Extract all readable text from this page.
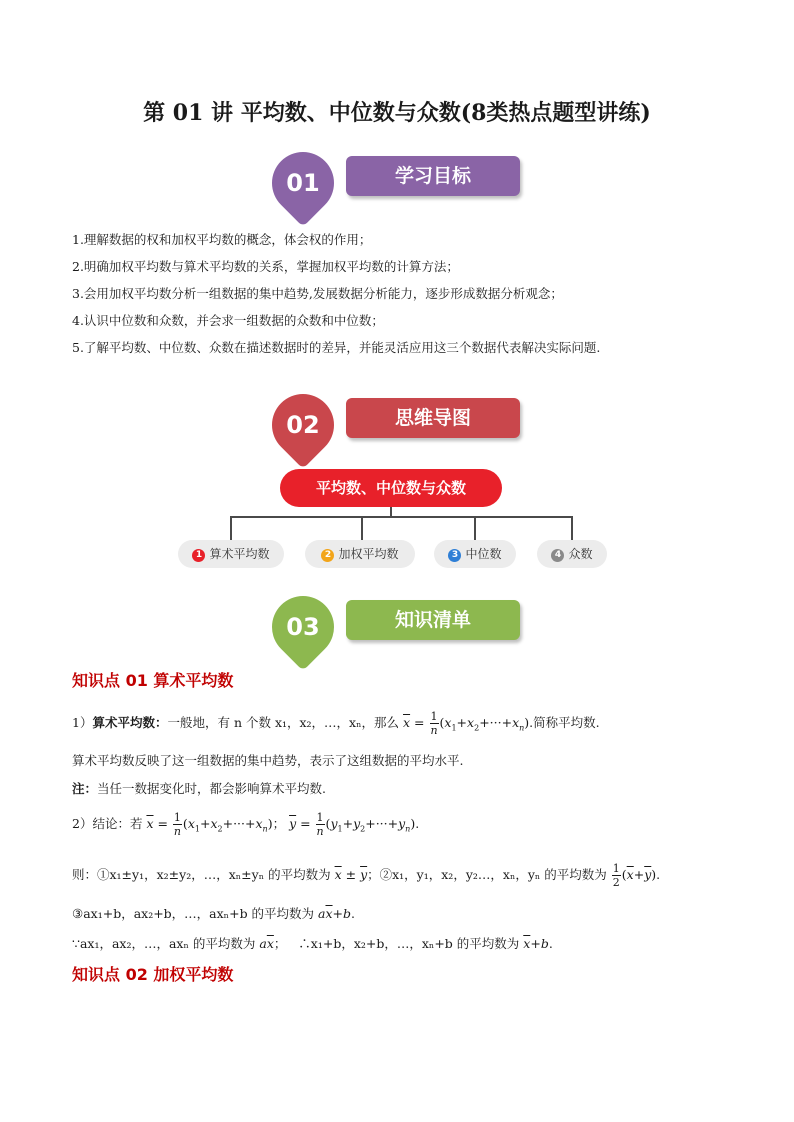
第 01 讲 平均数、中位数与众数(8类热点题型讲练)
01	学习目标
1.理解数据的权和加权平均数的概念，体会权的作用；
2.明确加权平均数与算术平均数的关系，掌握加权平均数的计算方法；
3.会用加权平均数分析一组数据的集中趋势,发展数据分析能力，逐步形成数据分析观念；
4.认识中位数和众数，并会求一组数据的众数和中位数；
5.了解平均数、中位数、众数在描述数据时的差异，并能灵活应用这三个数据代表解决实际问题.
02	思维导图
平均数、中位数与众数
1 算术平均数	2 加权平均数	3 中位数	4 众数
03	知识清单
知识点 01 算术平均数
1）算术平均数：一般地，有 n 个数 x₁，x₂，…，xₙ，那么 $\overline{x} = \frac{1}{n} (x_1+x_2+\cdot\cdot\cdot+x_n)$.简称平均数.
算术平均数反映了这一组数据的集中趋势，表示了这组数据的平均水平.
注：当任一数据变化时，都会影响算术平均数.
2）结论：若 $\overline{x} = \frac{1}{n} (x_1+x_2+\cdot\cdot\cdot+x_n)$； $\overline{y} = \frac{1}{n} (y_1+y_2+\cdot\cdot\cdot+y_n)$.
则：①x₁±y₁，x₂±y₂，…，xₙ±yₙ 的平均数为 $\overline{x} \pm \overline{y}$；②x₁，y₁，x₂，y₂…，xₙ，yₙ 的平均数为 $\frac{1}{2} (\overline{x}+\overline{y})$.
③ax₁+b，ax₂+b，…，axₙ+b 的平均数为 $a\overline{x}+b$.
∵ax₁，ax₂，…，axₙ 的平均数为 $a\overline{x}$；   ∴x₁+b，x₂+b，…，xₙ+b 的平均数为 $\overline{x}+b$.
知识点 02 加权平均数
